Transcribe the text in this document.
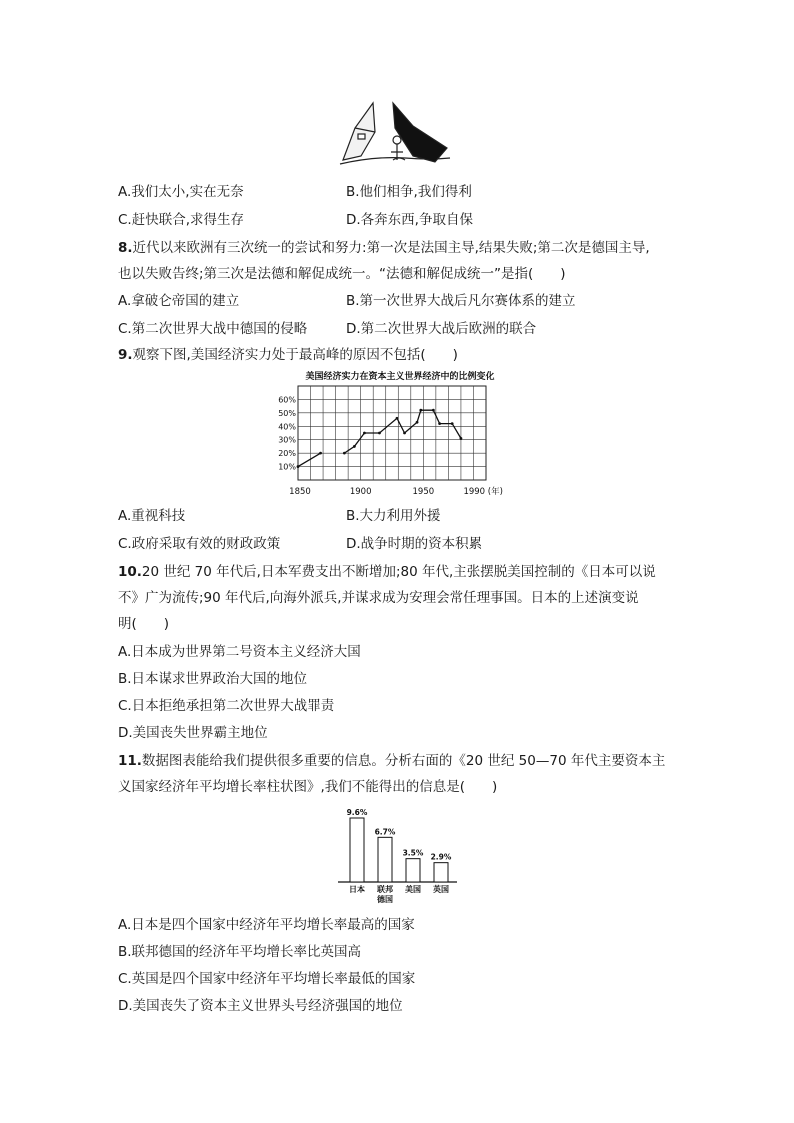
A.我们太小,实在无奈	B.他们相争,我们得利
C.赶快联合,求得生存	D.各奔东西,争取自保
8.近代以来欧洲有三次统一的尝试和努力:第一次是法国主导,结果失败;第二次是德国主导,
也以失败告终;第三次是法德和解促成统一。“法德和解促成统一”是指(　　)
A.拿破仑帝国的建立	B.第一次世界大战后凡尔赛体系的建立
C.第二次世界大战中德国的侵略	D.第二次世界大战后欧洲的联合
9.观察下图,美国经济实力处于最高峰的原因不包括(　　)
美国经济实力在资本主义世界经济中的比例变化
10%
20%
30%
40%
50%
60%
1850	1900	1950	1990 (年)
A.重视科技	B.大力利用外援
C.政府采取有效的财政政策	D.战争时期的资本积累
10.20 世纪 70 年代后,日本军费支出不断增加;80 年代,主张摆脱美国控制的《日本可以说
不》广为流传;90 年代后,向海外派兵,并谋求成为安理会常任理事国。日本的上述演变说
明(　　)
A.日本成为世界第二号资本主义经济大国
B.日本谋求世界政治大国的地位
C.日本拒绝承担第二次世界大战罪责
D.美国丧失世界霸主地位
11.数据图表能给我们提供很多重要的信息。分析右面的《20 世纪 50—70 年代主要资本主
义国家经济年平均增长率柱状图》,我们不能得出的信息是(　　)
9.6%
6.7%
3.5% 2.9%
日本 联邦
德国
美国 英国
A.日本是四个国家中经济年平均增长率最高的国家
B.联邦德国的经济年平均增长率比英国高
C.英国是四个国家中经济年平均增长率最低的国家
D.美国丧失了资本主义世界头号经济强国的地位
